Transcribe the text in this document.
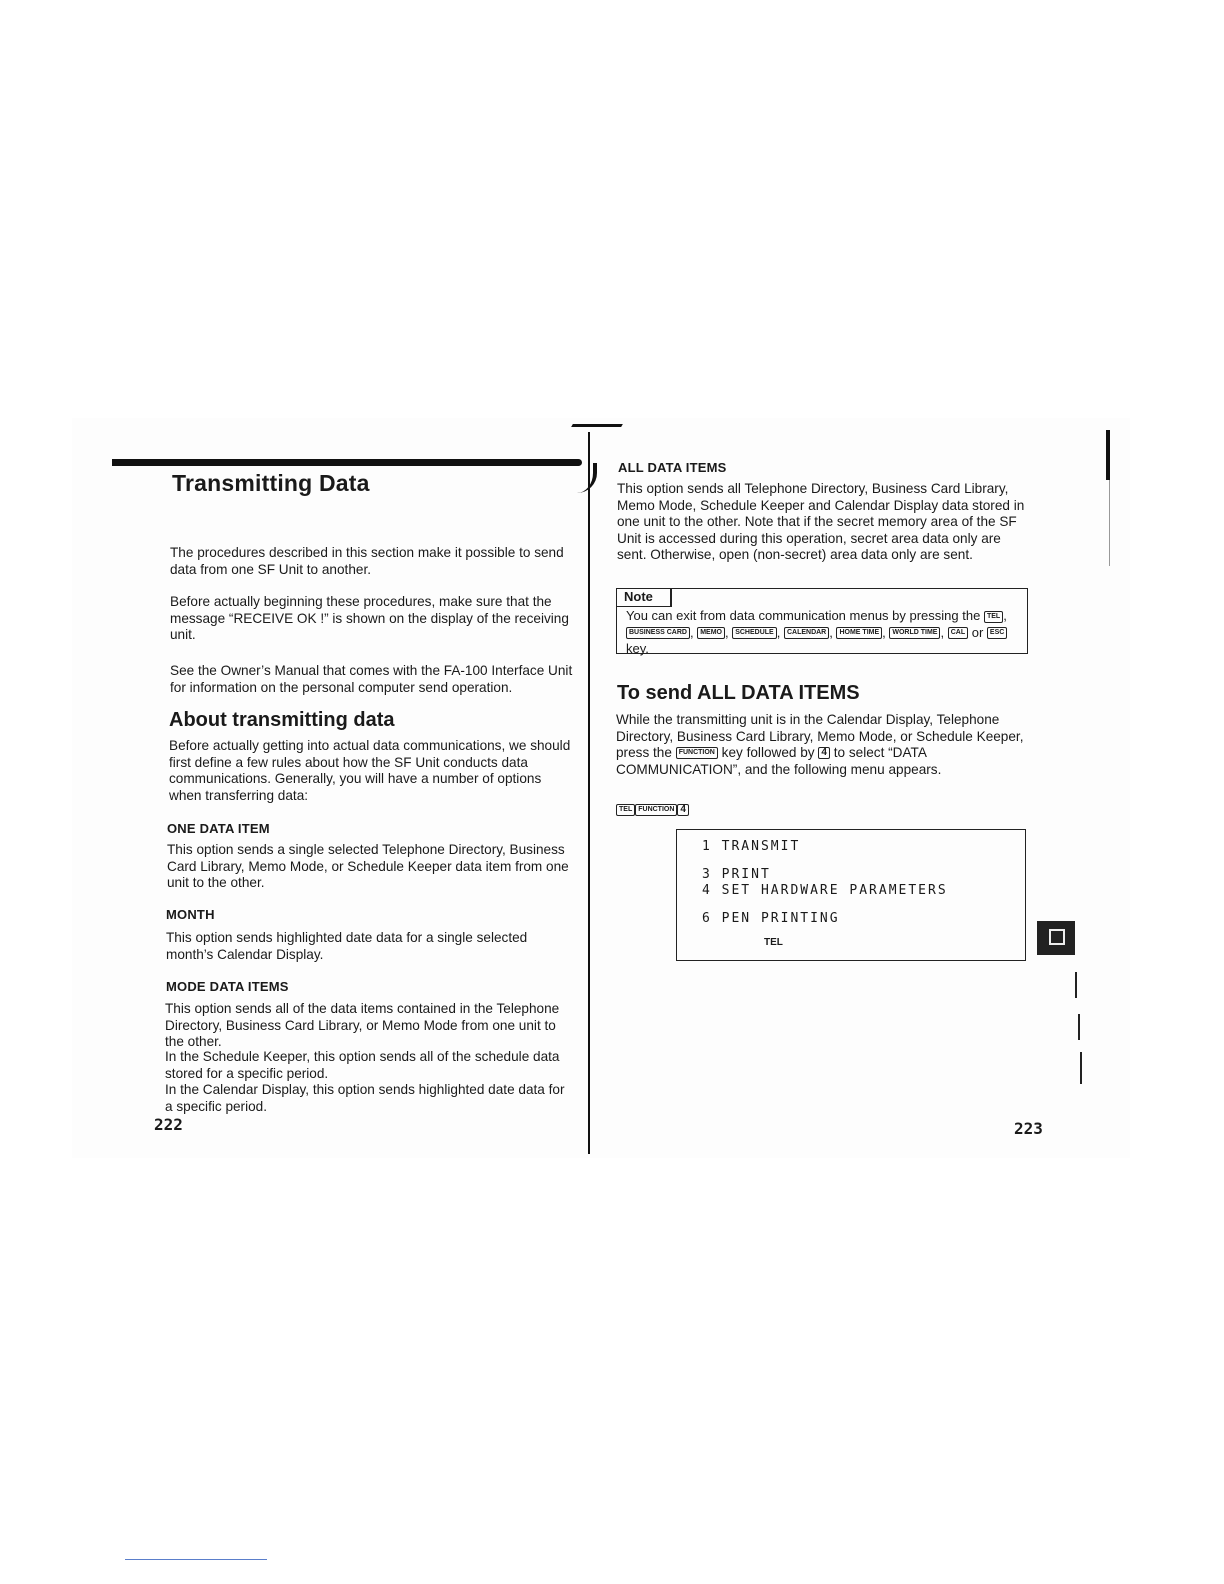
Transmitting Data
The procedures described in this section make it possible to send data from one SF Unit to another.
Before actually beginning these procedures, make sure that the message “RECEIVE OK !” is shown on the display of the receiving unit.
See the Owner’s Manual that comes with the FA-100 Interface Unit for information on the personal computer send operation.
About transmitting data
Before actually getting into actual data communications, we should first define a few rules about how the SF Unit conducts data communications. Generally, you will have a number of options when transferring data:
ONE DATA ITEM
This option sends a single selected Telephone Directory, Business Card Library, Memo Mode, or Schedule Keeper data item from one unit to the other.
MONTH
This option sends highlighted date data for a single selected month’s Calendar Display.
MODE DATA ITEMS
This option sends all of the data items contained in the Telephone Directory, Business Card Library, or Memo Mode from one unit to the other.
In the Schedule Keeper, this option sends all of the schedule data stored for a specific period.
In the Calendar Display, this option sends highlighted date data for a specific period.
222
ALL DATA ITEMS
This option sends all Telephone Directory, Business Card Library, Memo Mode, Schedule Keeper and Calendar Display data stored in one unit to the other. Note that if the secret memory area of the SF Unit is accessed during this operation, secret area data only are sent. Otherwise, open (non-secret) area data only are sent.
Note
You can exit from data communication menus by pressing the TEL , BUSINESS CARD , MEMO , SCHEDULE , CALENDAR , HOME TIME , WORLD TIME , CAL or ESC key.
To send ALL DATA ITEMS
While the transmitting unit is in the Calendar Display, Telephone Directory, Business Card Library, Memo Mode, or Schedule Keeper, press the FUNCTION key followed by 4 to select “DATA COMMUNICATION”, and the following menu appears.
TEL FUNCTION 4
1 TRANSMIT
3 PRINT
4 SET HARDWARE PARAMETERS
6 PEN PRINTING
TEL
223
